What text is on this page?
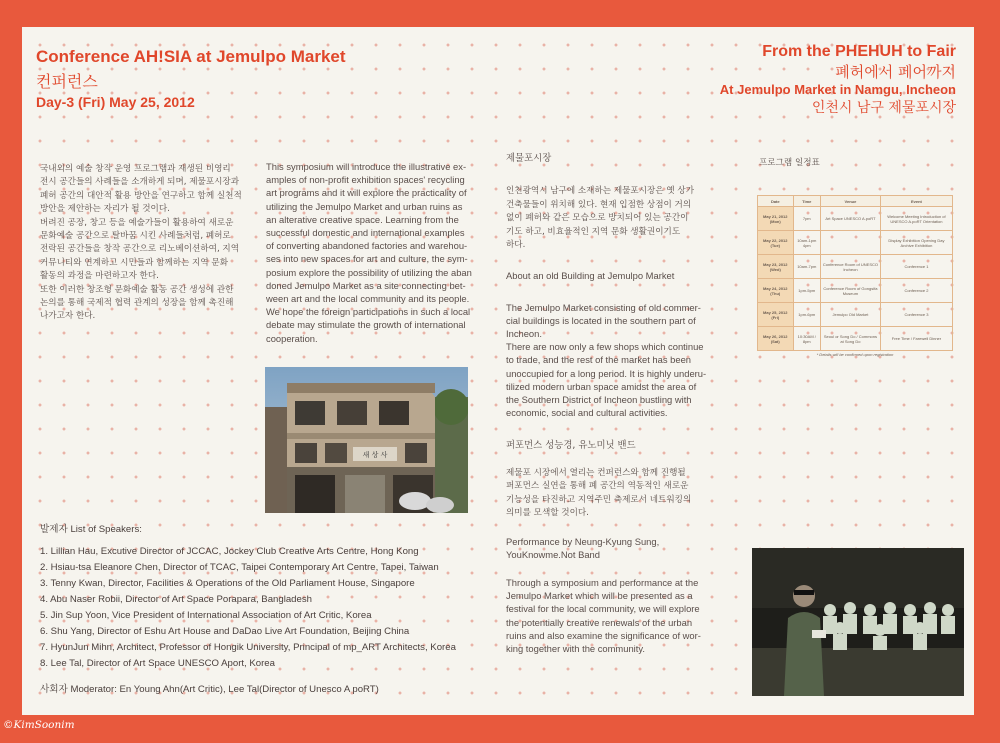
Conference AH!SIA at Jemulpo Market
컨퍼런스
Day-3 (Fri) May 25, 2012
From the PHEHUH to Fair
폐허에서 페어까지
At Jemulpo Market in Namgu, Incheon
인천시 남구 제물포시장

국내외의 예술 창작 운영 프로그램과 재생된 비영리

전시 공간들의 사례들을 소개하게 되며, 제물포시장과

폐허 공간의 대안적 활용 방안을 연구하고 함께 실천적

방안을 제안하는 자리가 될 것이다.

버려진 공장, 창고 등을 예술가들이 활용하여 새로운

문화예술 공간으로 탈바꿈 시킨 사례들처럼, 폐허로

전락된 공간들을 창작 공간으로 리노베이션하여, 지역

커뮤니티와 연계하고 시민들과 함께하는 지역 문화

활동의 과정을 마련하고자 한다.

또한 이러한 창조형 문화예술 활동 공간 생성에 관한

논의를 통해 국제적 협력 관계의 성장을 함께 촉진해

나가고자 한다.

This symposium will introduce the illustrative ex-

amples of non-profit exhibition spaces' recycling

art programs and it will explore the practicality of

utilizing the Jemulpo Market and urban ruins as

an alterative creative space. Learning from the

successful domestic and international examples

of converting abandoned factories and warehou-

ses into new spaces for art and culture, the sym-

posium explore the possibility of utilizing the aban

doned Jemulpo Market as a site connecting bet-

ween art and the local community and its people.

We hope the foreign participations in such a local

debate may stimulate the growth of international

cooperation.

새 상 사

제물포시장

인천광역시 남구에 소재하는 제물포시장은 옛 상가

건축물들이 위치해 있다. 현재 입점한 상점이 거의

없이 폐허와 같은 모습으로 방치되어 있는 공간이

기도 하고, 비효율적인 지역 문화 생활권이기도

하다.

About an old Building at Jemulpo Market

The Jemulpo Market consisting of old commer-

cial buildings is located in the southern part of

Incheon.

There are now only a few shops which continue

to trade, and the rest of the market has been

unoccupied for a long period. It is highly underu-

tilized modern urban space amidst the area of

the Southern District of Incheon bustling with

economic, social and cultural activities.

퍼포먼스 성능경, 유노미닛 밴드

제물포 시장에서 열리는 컨퍼런스와 함께 진행될

퍼포먼스 실연을 통해 폐 공간의 역동적인 새로운

기능성을 타진하고 지역주민 축제로서 네트워킹의

의미를 모색할 것이다.

Performance by Neung-Kyung Sung,

YouKnowme.Not Band

Through a symposium and performance at the

Jemulpo Market which will be presented as a

festival for the local community, we will explore

the potentially creative renewals of the urban

ruins and also examine the significance of wor-

king together with the community.

발제자 List of Speakers:
1. Lillian Hau, Excutive Director of JCCAC, Jockey Club Creative Arts Centre, Hong Kong
2. Hsiau-tsa Eleanore Chen, Director of TCAC, Taipei Contemporary Art Centre, Tapei, Taiwan
3. Tenny Kwan, Director, Facilities & Operations of the Old Parliament House, Singapore
4. Abu Naser Robii, Director of Art Space Porapara, Bangladesh
5. Jin Sup Yoon, Vice President of International Association of Art Critic, Korea
6. Shu Yang, Director of Eshu Art House and DaDao Live Art Foundation, Beijing China
7. HyunJun Mihn, Architect, Professor of Hongik University, Principal of mp_ART Architects, Korea
8. Lee Tal, Director of Art Space UNESCO Aport, Korea
사회자 Moderator: En Young Ahn(Art Critic), Lee Tal(Director of Unesco A poRT)
프로그램 일정표
Date	Time	Venue	Event
May 21, 2012 (Mon)	7pm	Art Space UNESCO A.poRT	Welcome Meeting Introduction of UNESCO A.poRT Orientation
May 22, 2012 (Tue)	10am-1pm 4pm		Display Exhibition Opening Day Archive Exhibition
May 23, 2012 (Wed)	10am-7pm	Conference Room of UNESCO Incheon	Conference 1
May 24, 2012 (Thu)	1pm-5pm	Conference Room of Gongsifa Museum	Conference 2
May 25, 2012 (Fri)	1pm-6pm	Jemulpo Old Market	Conference 3
May 26, 2012 (Sat)	10:30AM / 8pm	Seoul or Song Do / Commons at Song Do	Free Time / Farewell Dinner
* Details will be confirmed upon registration			
©KimSoonim
